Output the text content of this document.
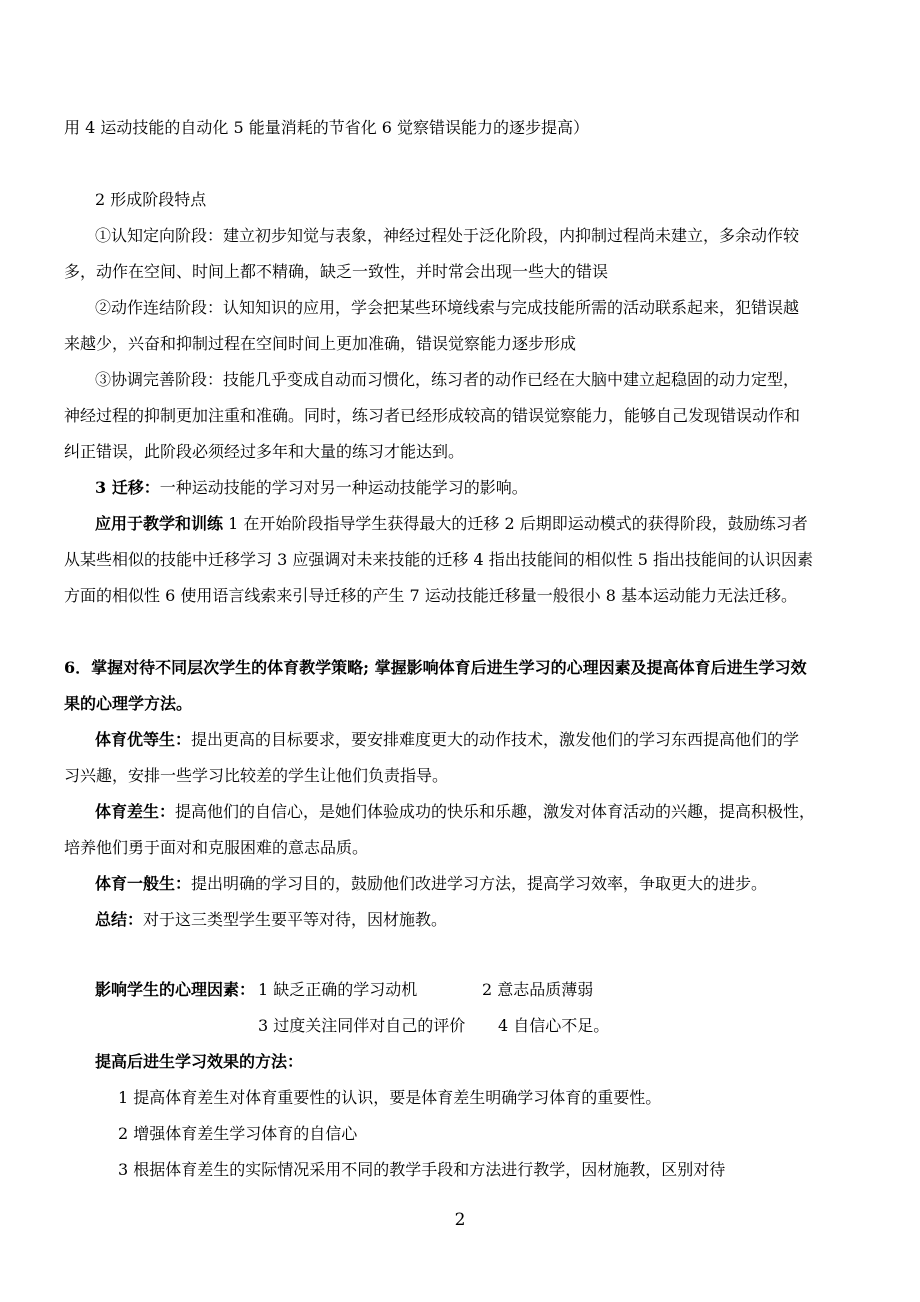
用 4 运动技能的自动化 5 能量消耗的节省化 6 觉察错误能力的逐步提高）
2 形成阶段特点
①认知定向阶段：建立初步知觉与表象，神经过程处于泛化阶段，内抑制过程尚未建立，多余动作较
多，动作在空间、时间上都不精确，缺乏一致性，并时常会出现一些大的错误
②动作连结阶段：认知知识的应用，学会把某些环境线索与完成技能所需的活动联系起来，犯错误越
来越少，兴奋和抑制过程在空间时间上更加准确，错误觉察能力逐步形成
③协调完善阶段：技能几乎变成自动而习惯化，练习者的动作已经在大脑中建立起稳固的动力定型，
神经过程的抑制更加注重和准确。同时，练习者已经形成较高的错误觉察能力，能够自己发现错误动作和
纠正错误，此阶段必须经过多年和大量的练习才能达到。
3 迁移：一种运动技能的学习对另一种运动技能学习的影响。
应用于教学和训练 1 在开始阶段指导学生获得最大的迁移 2 后期即运动模式的获得阶段，鼓励练习者
从某些相似的技能中迁移学习 3 应强调对未来技能的迁移 4 指出技能间的相似性 5 指出技能间的认识因素
方面的相似性 6 使用语言线索来引导迁移的产生 7 运动技能迁移量一般很小 8 基本运动能力无法迁移。
6．掌握对待不同层次学生的体育教学策略; 掌握影响体育后进生学习的心理因素及提高体育后进生学习效
果的心理学方法。
体育优等生：提出更高的目标要求，要安排难度更大的动作技术，激发他们的学习东西提高他们的学
习兴趣，安排一些学习比较差的学生让他们负责指导。
体育差生：提高他们的自信心，是她们体验成功的快乐和乐趣，激发对体育活动的兴趣，提高积极性，
培养他们勇于面对和克服困难的意志品质。
体育一般生：提出明确的学习目的，鼓励他们改进学习方法，提高学习效率，争取更大的进步。
总结：对于这三类型学生要平等对待，因材施教。
影响学生的心理因素： 1 缺乏正确的学习动机	2 意志品质薄弱
3 过度关注同伴对自己的评价 4 自信心不足。
提高后进生学习效果的方法：
1 提高体育差生对体育重要性的认识，要是体育差生明确学习体育的重要性。
2 增强体育差生学习体育的自信心
3 根据体育差生的实际情况采用不同的教学手段和方法进行教学，因材施教，区别对待
2
